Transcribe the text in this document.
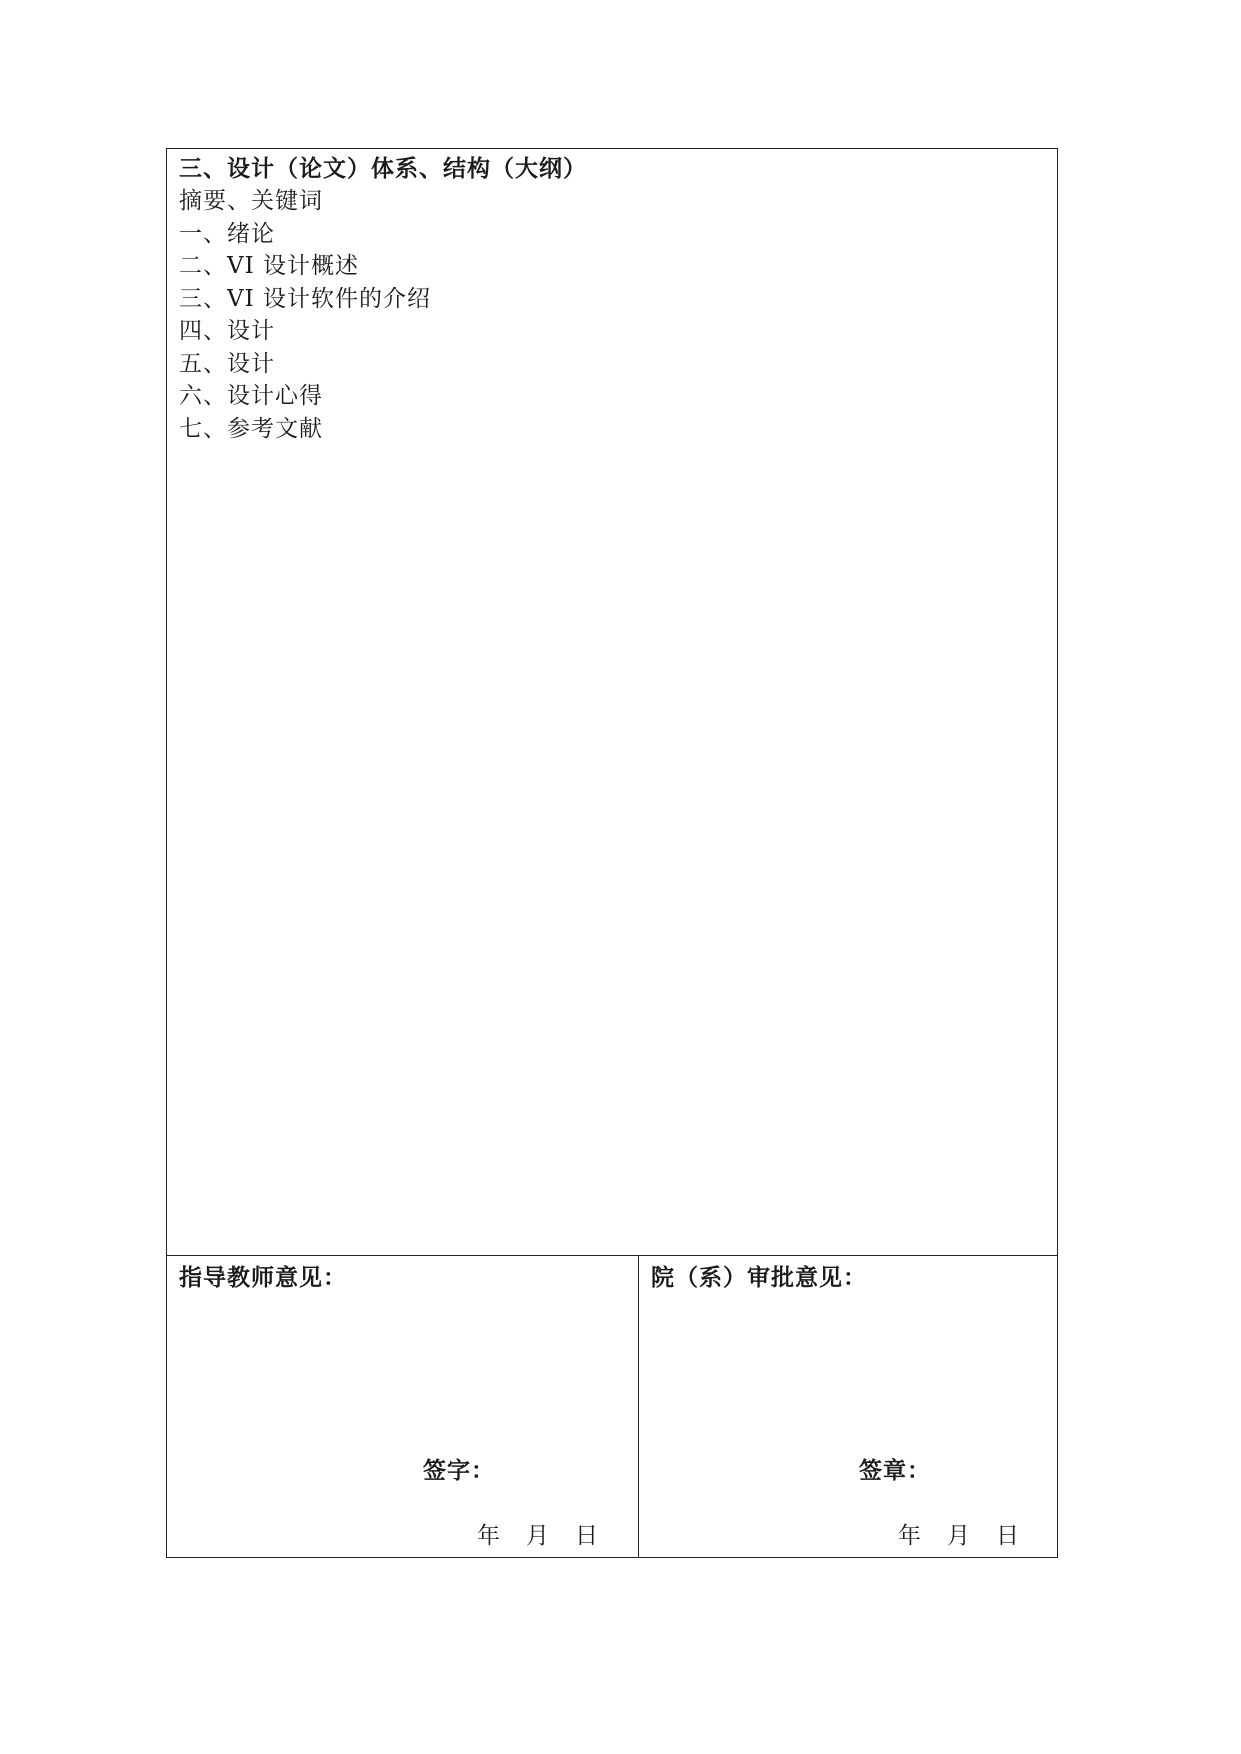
三、设计（论文）体系、结构（大纲）
摘要、关键词
一、绪论
二、VI 设计概述
三、VI 设计软件的介绍
四、设计
五、设计
六、设计心得
七、参考文献
指导教师意见：
签字：
年 月 日
院（系）审批意见：
签章：
年 月 日
